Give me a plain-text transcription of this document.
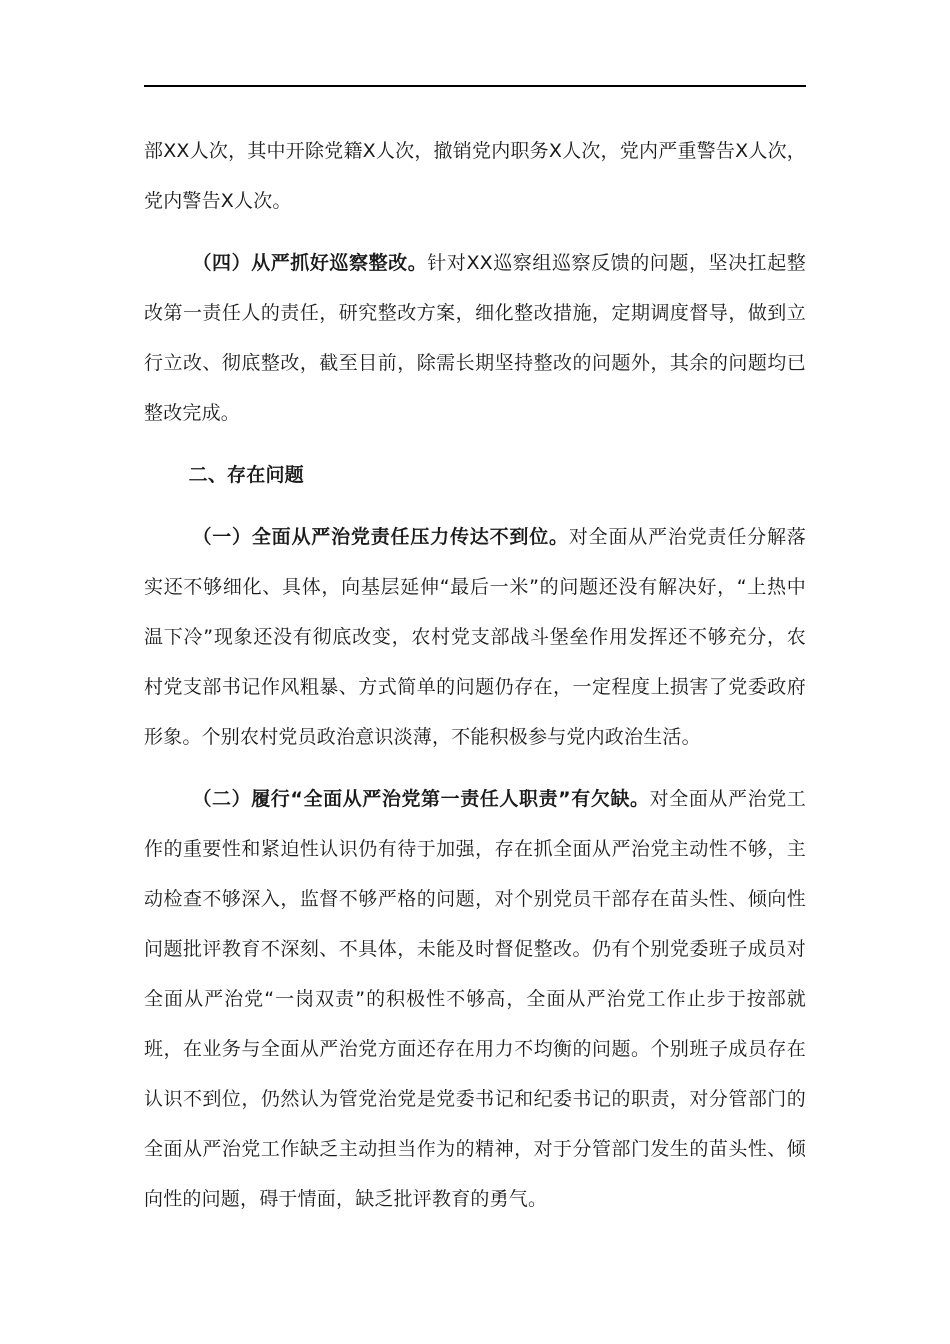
部XX人次，其中开除党籍X人次，撤销党内职务X人次，党内严重警告X人次，党内警告X人次。

（四）从严抓好巡察整改。针对XX巡察组巡察反馈的问题，坚决扛起整改第一责任人的责任，研究整改方案，细化整改措施，定期调度督导，做到立行立改、彻底整改，截至目前，除需长期坚持整改的问题外，其余的问题均已整改完成。

二、存在问题

（一）全面从严治党责任压力传达不到位。对全面从严治党责任分解落实还不够细化、具体，向基层延伸“最后一米”的问题还没有解决好，“上热中温下冷”现象还没有彻底改变，农村党支部战斗堡垒作用发挥还不够充分，农村党支部书记作风粗暴、方式简单的问题仍存在，一定程度上损害了党委政府形象。个别农村党员政治意识淡薄，不能积极参与党内政治生活。

（二）履行“全面从严治党第一责任人职责”有欠缺。对全面从严治党工作的重要性和紧迫性认识仍有待于加强，存在抓全面从严治党主动性不够，主动检查不够深入，监督不够严格的问题，对个别党员干部存在苗头性、倾向性问题批评教育不深刻、不具体，未能及时督促整改。仍有个别党委班子成员对全面从严治党“一岗双责”的积极性不够高，全面从严治党工作止步于按部就班，在业务与全面从严治党方面还存在用力不均衡的问题。个别班子成员存在认识不到位，仍然认为管党治党是党委书记和纪委书记的职责，对分管部门的全面从严治党工作缺乏主动担当作为的精神，对于分管部门发生的苗头性、倾向性的问题，碍于情面，缺乏批评教育的勇气。
